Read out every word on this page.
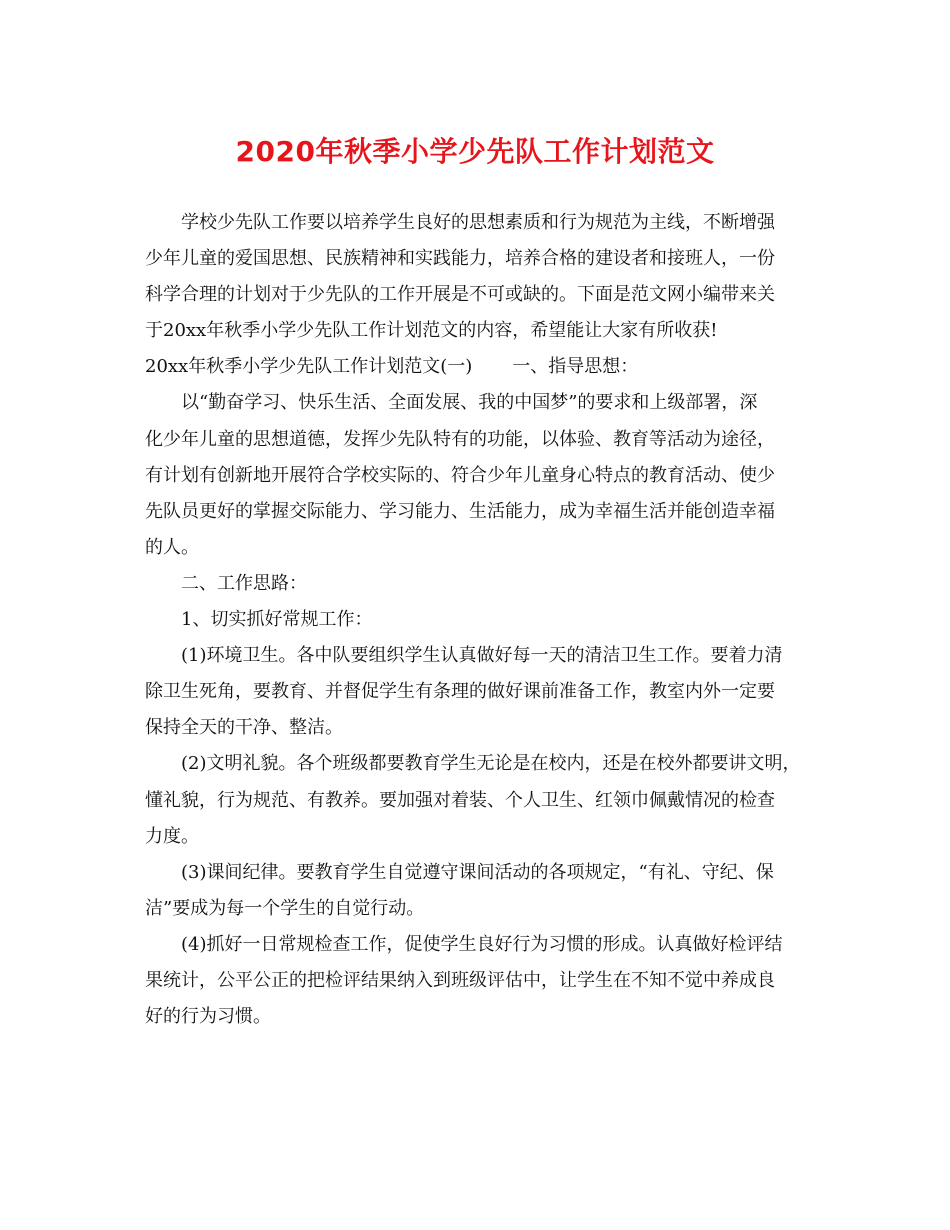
2020年秋季小学少先队工作计划范文
学校少先队工作要以培养学生良好的思想素质和行为规范为主线，不断增强
少年儿童的爱国思想、民族精神和实践能力，培养合格的建设者和接班人，一份
科学合理的计划对于少先队的工作开展是不可或缺的。下面是范文网小编带来关
于20xx年秋季小学少先队工作计划范文的内容，希望能让大家有所收获!
20xx年秋季小学少先队工作计划范文(一) 一、指导思想：
以“勤奋学习、快乐生活、全面发展、我的中国梦”的要求和上级部署，深
化少年儿童的思想道德，发挥少先队特有的功能，以体验、教育等活动为途径，
有计划有创新地开展符合学校实际的、符合少年儿童身心特点的教育活动、使少
先队员更好的掌握交际能力、学习能力、生活能力，成为幸福生活并能创造幸福
的人。
二、工作思路：
1、切实抓好常规工作：
(1)环境卫生。各中队要组织学生认真做好每一天的清洁卫生工作。要着力清
除卫生死角，要教育、并督促学生有条理的做好课前准备工作，教室内外一定要
保持全天的干净、整洁。
(2)文明礼貌。各个班级都要教育学生无论是在校内，还是在校外都要讲文明，
懂礼貌，行为规范、有教养。要加强对着装、个人卫生、红领巾佩戴情况的检查
力度。
(3)课间纪律。要教育学生自觉遵守课间活动的各项规定，“有礼、守纪、保
洁”要成为每一个学生的自觉行动。
(4)抓好一日常规检查工作，促使学生良好行为习惯的形成。认真做好检评结
果统计，公平公正的把检评结果纳入到班级评估中，让学生在不知不觉中养成良
好的行为习惯。
